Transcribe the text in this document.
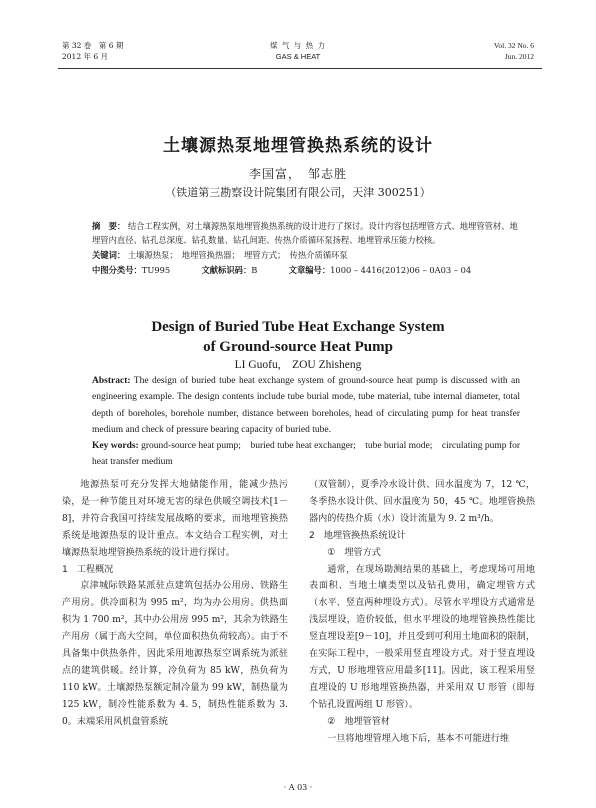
第 32 卷　第 6 期
2012 年 6 月
煤 气 与 热 力
GAS & HEAT
Vol. 32 No. 6
Jun. 2012
土壤源热泵地埋管换热系统的设计
李国富，　邹志胜
（铁道第三勘察设计院集团有限公司，天津 300251）
摘　要： 结合工程实例，对土壤源热泵地埋管换热系统的设计进行了探讨。设计内容包括埋管方式、地埋管管材、地埋管内直径、钻孔总深度、钻孔数量、钻孔间距、传热介质循环泵扬程、地埋管承压能力校核。
关键词： 土壤源热泵；　地埋管换热器；　埋管方式；　传热介质循环泵
中图分类号：TU995	文献标识码：B	文章编号：1000 – 4416(2012)06 – 0A03 – 04
Design of Buried Tube Heat Exchange System
of Ground-source Heat Pump
LI Guofu,　ZOU Zhisheng
Abstract: The design of buried tube heat exchange system of ground-source heat pump is discussed with an engineering example. The design contents include tube burial mode, tube material, tube internal diameter, total depth of boreholes, borehole number, distance between boreholes, head of circulating pump for heat transfer medium and check of pressure bearing capacity of buried tube.
Key words: ground-source heat pump;　buried tube heat exchanger;　tube burial mode;　circulating pump for heat transfer medium

地源热泵可充分发挥大地储能作用，能减少热污染，是一种节能且对环境无害的绿色供暖空调技术[1－8]，并符合我国可持续发展战略的要求，而地埋管换热系统是地源热泵的设计重点。本文结合工程实例，对土壤源热泵地埋管换热系统的设计进行探讨。

1　工程概况

京津城际铁路某派驻点建筑包括办公用房、铁路生产用房。供冷面积为 995 m²，均为办公用房。供热面积为 1 700 m²，其中办公用房 995 m²，其余为铁路生产用房（属于高大空间，单位面积热负荷较高）。由于不具备集中供热条件，因此采用地源热泵空调系统为派驻点的建筑供暖。经计算，冷负荷为 85 kW，热负荷为 110 kW。土壤源热泵额定制冷量为 99 kW，制热量为 125 kW，制冷性能系数为 4. 5，制热性能系数为 3. 0。末端采用风机盘管系统

（双管制），夏季冷水设计供、回水温度为 7，12 ℃，冬季热水设计供、回水温度为 50，45 ℃。地埋管换热器内的传热介质（水）设计流量为 9. 2 m³/h。

2　地埋管换热系统设计

①　埋管方式

通常，在现场勘测结果的基础上，考虑现场可用地表面积、当地土壤类型以及钻孔费用，确定埋管方式（水平、竖直两种埋设方式）。尽管水平埋设方式通常是浅层埋设，造价较低，但水平埋设的地埋管换热性能比竖直埋设差[9－10]，并且受到可利用土地面积的限制，在实际工程中，一般采用竖直埋设方式。对于竖直埋设方式，U 形地埋管应用最多[11]。因此，该工程采用竖直埋设的 U 形地埋管换热器，并采用双 U 形管（即每个钻孔设置两组 U 形管）。

②　地埋管管材

一旦将地埋管埋入地下后，基本不可能进行维

· A 03 ·
